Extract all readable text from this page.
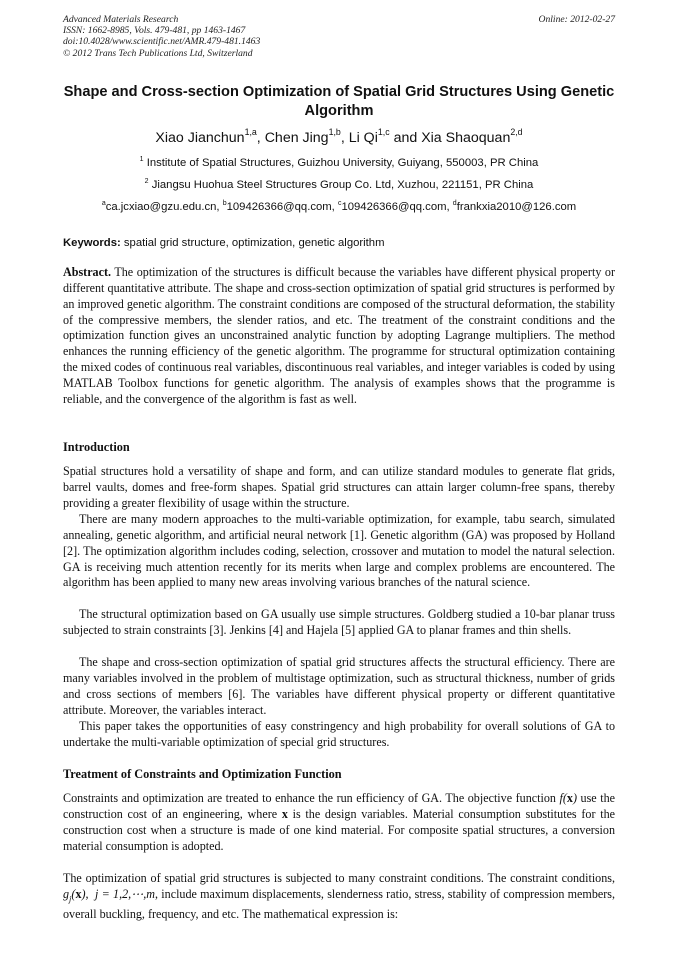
Advanced Materials Research
ISSN: 1662-8985, Vols. 479-481, pp 1463-1467
doi:10.4028/www.scientific.net/AMR.479-481.1463
© 2012 Trans Tech Publications Ltd, Switzerland
Online: 2012-02-27
Shape and Cross-section Optimization of Spatial Grid Structures Using Genetic Algorithm
Xiao Jianchun$^{1,a}$, Chen Jing$^{1,b}$, Li Qi$^{1,c}$ and Xia Shaoquan$^{2,d}$
$^1$ Institute of Spatial Structures, Guizhou University, Guiyang, 550003, PR China
$^2$ Jiangsu Huohua Steel Structures Group Co. Ltd, Xuzhou, 221151, PR China
$^a$ca.jcxiao@gzu.edu.cn, $^b$109426366@qq.com, $^c$109426366@qq.com, $^d$frankxia2010@126.com
Keywords: spatial grid structure, optimization, genetic algorithm
Abstract. The optimization of the structures is difficult because the variables have different physical property or different quantitative attribute. The shape and cross-section optimization of spatial grid structures is performed by an improved genetic algorithm. The constraint conditions are composed of the structural deformation, the stability of the compressive members, the slender ratios, and etc. The treatment of the constraint conditions and the optimization function gives an unconstrained analytic function by adopting Lagrange multipliers. The method enhances the running efficiency of the genetic algorithm. The programme for structural optimization containing the mixed codes of continuous real variables, discontinuous real variables, and integer variables is coded by using MATLAB Toolbox functions for genetic algorithm. The analysis of examples shows that the programme is reliable, and the convergence of the algorithm is fast as well.
Introduction
Spatial structures hold a versatility of shape and form, and can utilize standard modules to generate flat grids, barrel vaults, domes and free-form shapes. Spatial grid structures can attain larger column-free spans, thereby providing a greater flexibility of usage within the structure.
There are many modern approaches to the multi-variable optimization, for example, tabu search, simulated annealing, genetic algorithm, and artificial neural network [1]. Genetic algorithm (GA) was proposed by Holland [2]. The optimization algorithm includes coding, selection, crossover and mutation to model the natural selection. GA is receiving much attention recently for its merits when large and complex problems are encountered. The algorithm has been applied to many new areas involving various branches of the natural science.
The structural optimization based on GA usually use simple structures. Goldberg studied a 10-bar planar truss subjected to strain constraints [3]. Jenkins [4] and Hajela [5] applied GA to planar frames and thin shells.
The shape and cross-section optimization of spatial grid structures affects the structural efficiency. There are many variables involved in the problem of multistage optimization, such as structural thickness, number of grids and cross sections of members [6]. The variables have different physical property or different quantitative attribute. Moreover, the variables interact.
This paper takes the opportunities of easy constringency and high probability for overall solutions of GA to undertake the multi-variable optimization of special grid structures.
Treatment of Constraints and Optimization Function
Constraints and optimization are treated to enhance the run efficiency of GA. The objective function f(x) use the construction cost of an engineering, where x is the design variables. Material consumption substitutes for the construction cost when a structure is made of one kind material. For composite spatial structures, a conversion material consumption is adopted.
The optimization of spatial grid structures is subjected to many constraint conditions. The constraint conditions, $g_j(x)$,  j = 1,2,⋯,m, include maximum displacements, slenderness ratio, stress, stability of compression members, overall buckling, frequency, and etc. The mathematical expression is:
